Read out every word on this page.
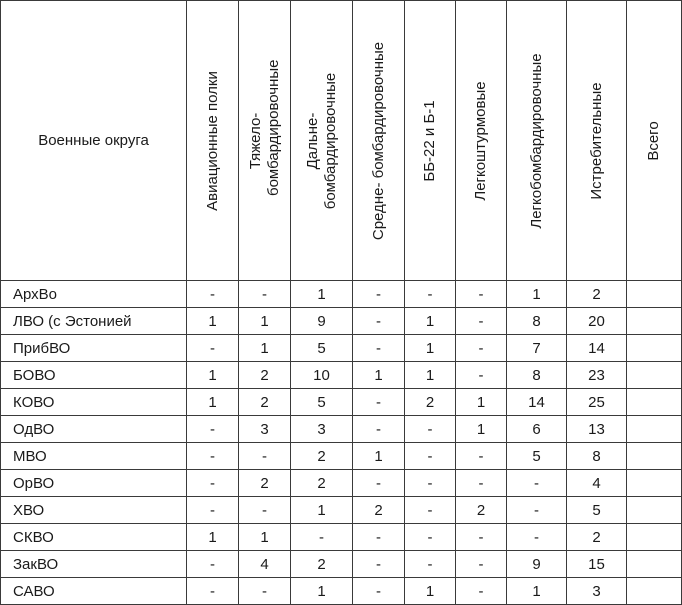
Военные округа	Авиационные полки	Тяжело-бомбардировочные	Дальне-бомбардировочные	Средне- бомбардировочные	ББ-22 и Б-1	Легкоштурмовые	Легкобомбардировочные	Истребительные	Всего

АрхВо	-	-	1	-	-	-	1	2	
ЛВО (с Эстонией	1	1	9	-	1	-	8	20	
ПрибВО	-	1	5	-	1	-	7	14	
БОВО	1	2	10	1	1	-	8	23	
КОВО	1	2	5	-	2	1	14	25	
ОдВО	-	3	3	-	-	1	6	13	
МВО	-	-	2	1	-	-	5	8	
ОрВО	-	2	2	-	-	-	-	4	
ХВО	-	-	1	2	-	2	-	5	
СКВО	1	1	-	-	-	-	-	2	
ЗакВО	-	4	2	-	-	-	9	15	
САВО	-	-	1	-	1	-	1	3	
